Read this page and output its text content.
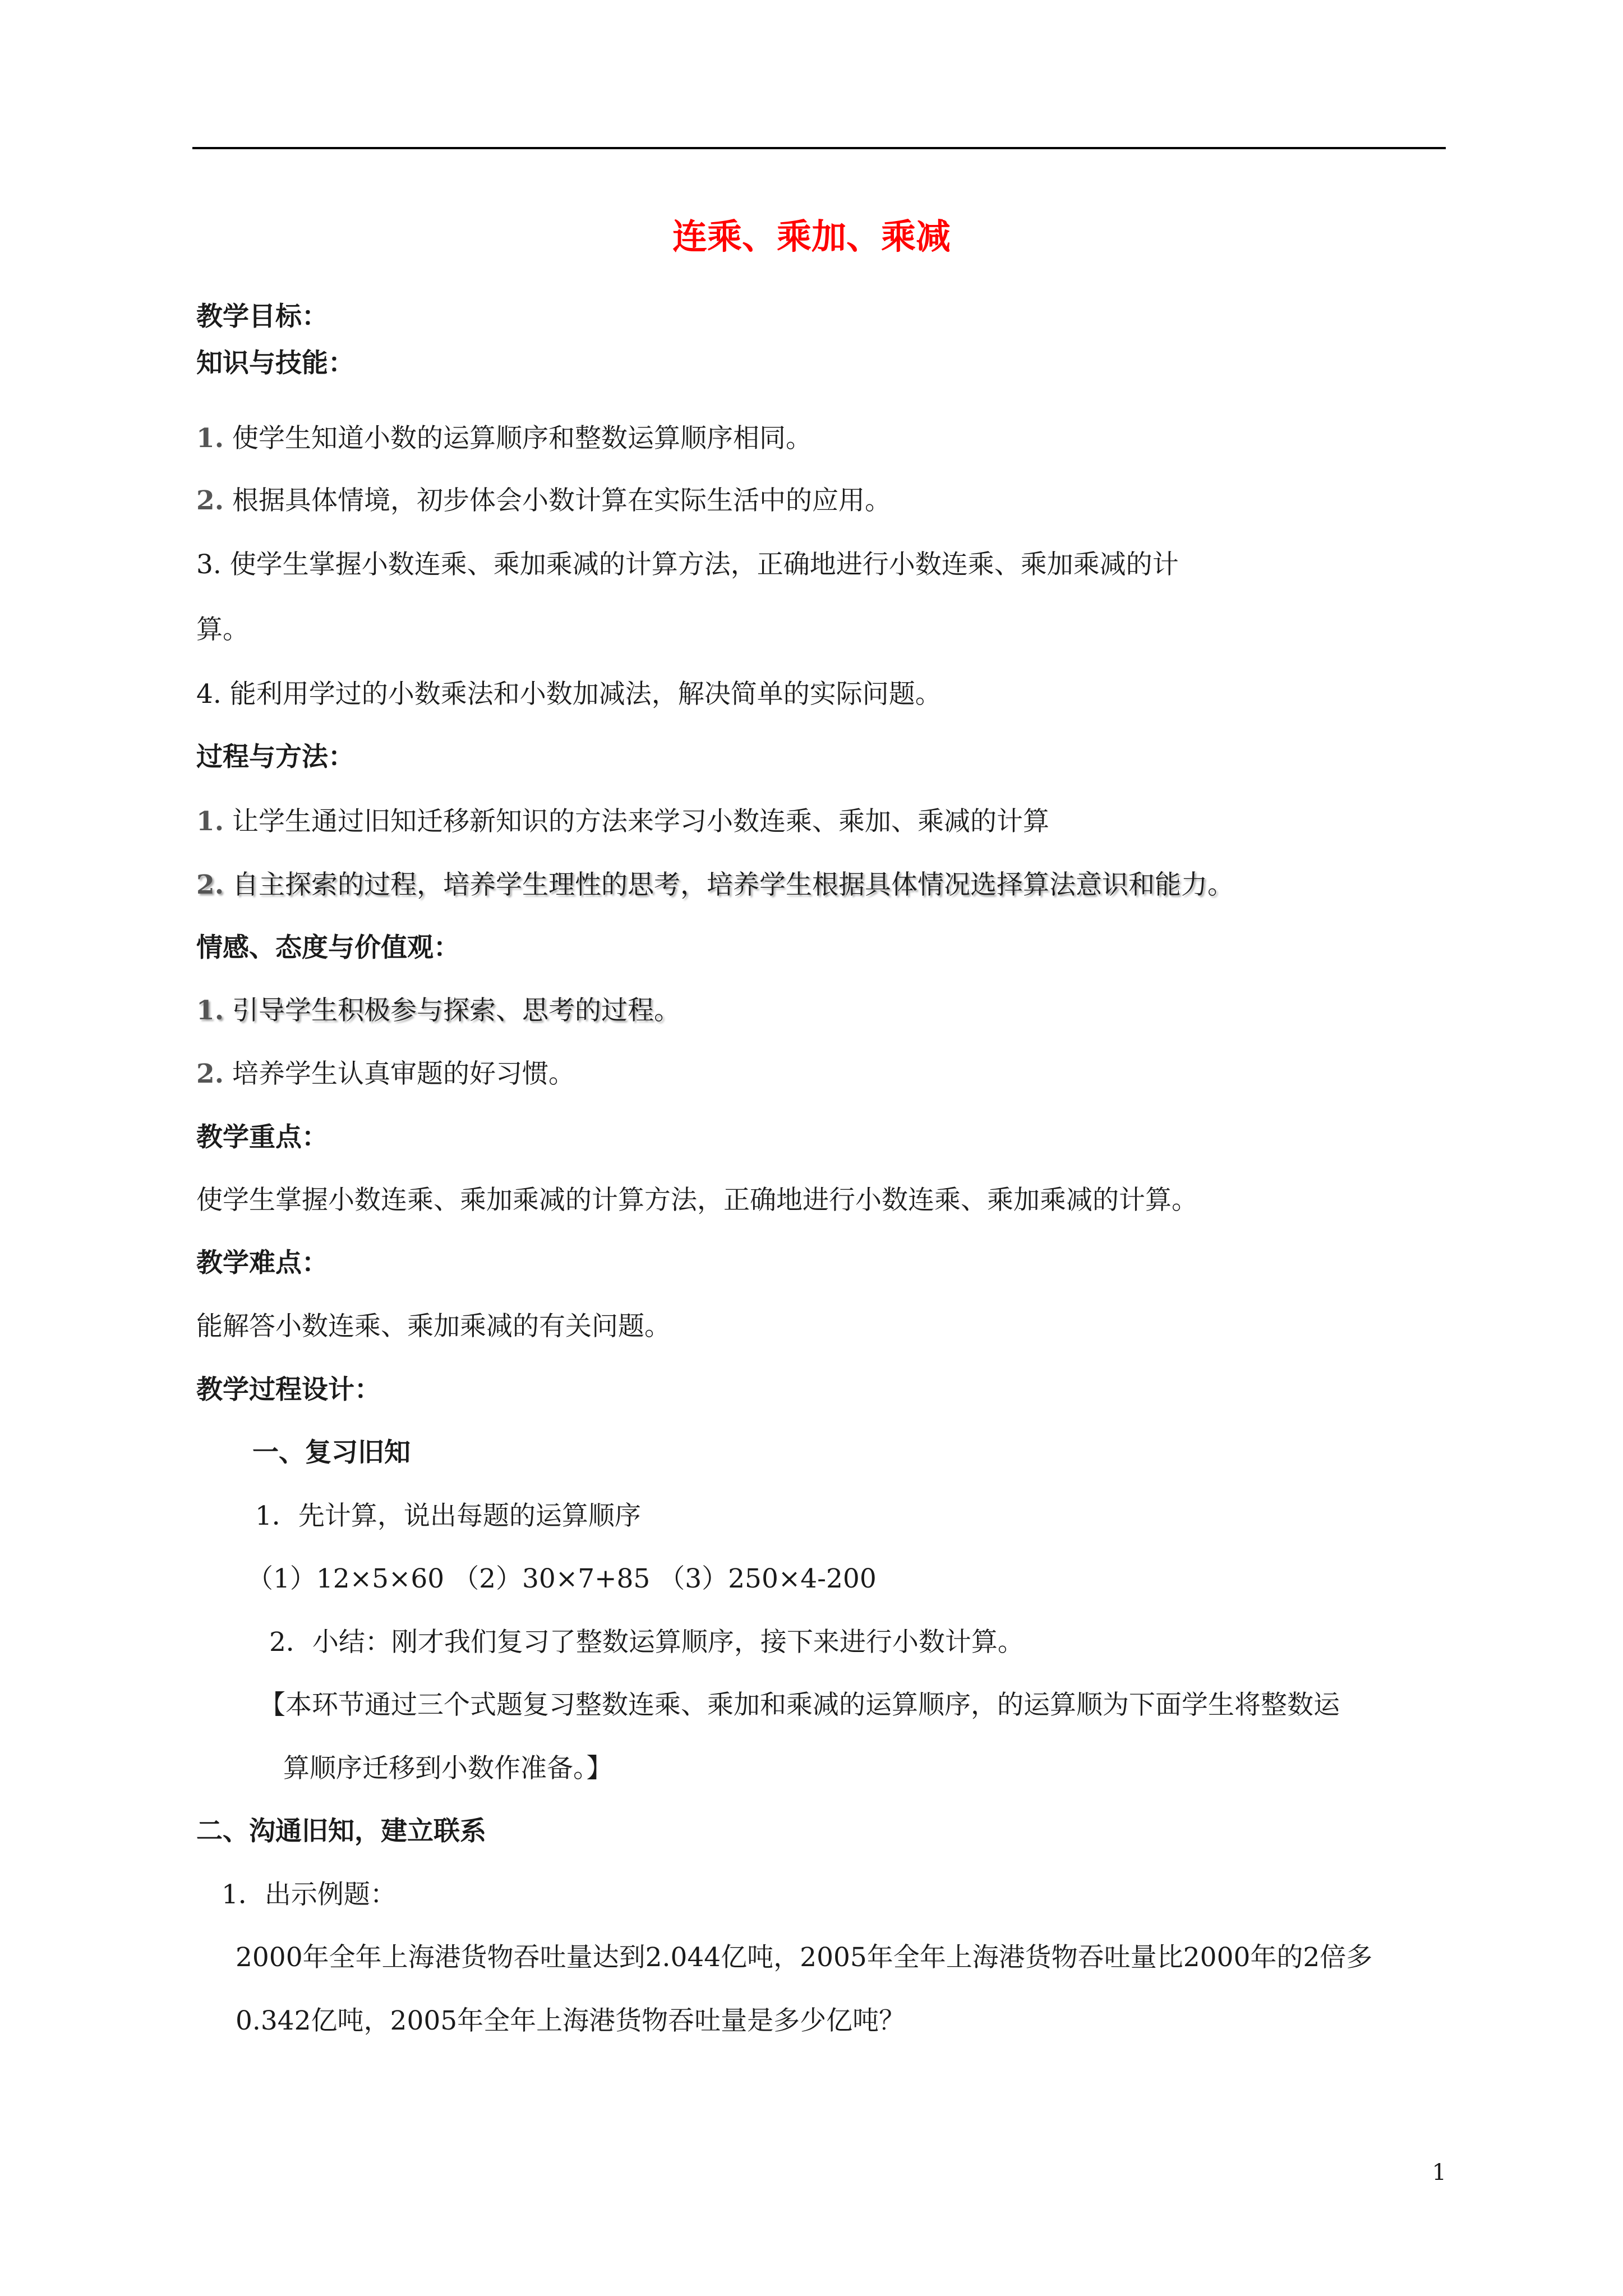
连乘、乘加、乘减
教学目标：
知识与技能：
1. 使学生知道小数的运算顺序和整数运算顺序相同。
2. 根据具体情境，初步体会小数计算在实际生活中的应用。
3. 使学生掌握小数连乘、乘加乘减的计算方法，正确地进行小数连乘、乘加乘减的计
算。
4. 能利用学过的小数乘法和小数加减法，解决简单的实际问题。
过程与方法：
1. 让学生通过旧知迁移新知识的方法来学习小数连乘、乘加、乘减的计算
2. 自主探索的过程，培养学生理性的思考，培养学生根据具体情况选择算法意识和能力。
情感、态度与价值观：
1. 引导学生积极参与探索、思考的过程。
2. 培养学生认真审题的好习惯。
教学重点：
使学生掌握小数连乘、乘加乘减的计算方法，正确地进行小数连乘、乘加乘减的计算。
教学难点：
能解答小数连乘、乘加乘减的有关问题。
教学过程设计：
一、复习旧知
1．先计算，说出每题的运算顺序
（1）12×5×60 （2）30×7+85 （3）250×4-200
2．小结：刚才我们复习了整数运算顺序，接下来进行小数计算。
【本环节通过三个式题复习整数连乘、乘加和乘减的运算顺序，的运算顺为下面学生将整数运
算顺序迁移到小数作准备。】
二、沟通旧知，建立联系
1．出示例题：
2000年全年上海港货物吞吐量达到2.044亿吨，2005年全年上海港货物吞吐量比2000年的2倍多
0.342亿吨，2005年全年上海港货物吞吐量是多少亿吨？
1
